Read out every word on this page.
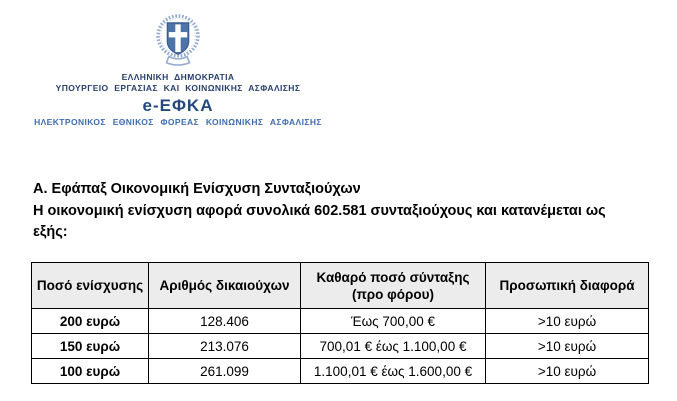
ΕΛΛΗΝΙΚΗ ΔΗΜΟΚΡΑΤΙΑ
ΥΠΟΥΡΓΕΙΟ ΕΡΓΑΣΙΑΣ ΚΑΙ ΚΟΙΝΩΝΙΚΗΣ ΑΣΦΑΛΙΣΗΣ
e-ΕΦΚΑ
ΗΛΕΚΤΡΟΝΙΚΟΣ ΕΘΝΙΚΟΣ ΦΟΡΕΑΣ ΚΟΙΝΩΝΙΚΗΣ ΑΣΦΑΛΙΣΗΣ
Α. Εφάπαξ Οικονομική Ενίσχυση Συνταξιούχων
Η οικονομική ενίσχυση αφορά συνολικά 602.581 συνταξιούχους και κατανέμεται ως εξής:
Ποσό ενίσχυσης	Αριθμός δικαιούχων	Καθαρό ποσό σύνταξης (προ φόρου)	Προσωπική διαφορά
200 ευρώ	128.406	Έως 700,00 €	>10 ευρώ
150 ευρώ	213.076	700,01 € έως 1.100,00 €	>10 ευρώ
100 ευρώ	261.099	1.100,01 € έως 1.600,00 €	>10 ευρώ
